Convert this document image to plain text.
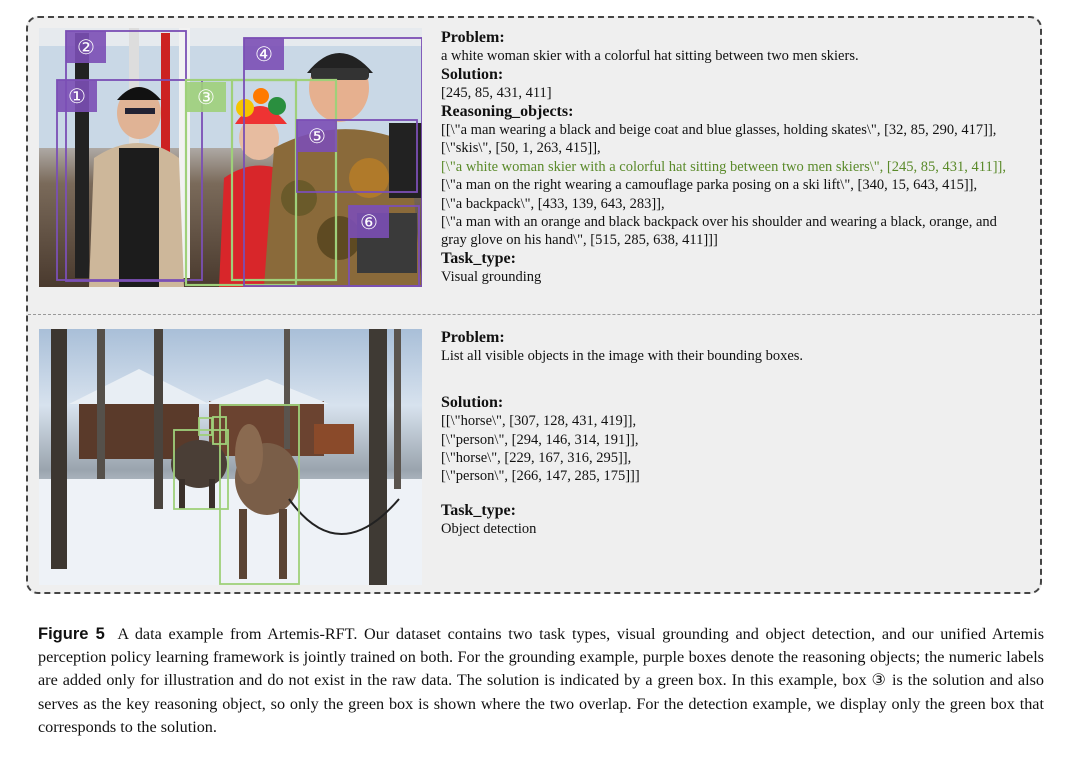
②
①	③
④
⑤
⑥
Problem:
a white woman skier with a colorful hat sitting between two men skiers.
Solution:
[245, 85, 431, 411]
Reasoning_objects:
[[\"a man wearing a black and beige coat and blue glasses, holding skates\", [32, 85, 290, 417]],
[\"skis\", [50, 1, 263, 415]],
[\"a white woman skier with a colorful hat sitting between two men skiers\", [245, 85, 431, 411]],
[\"a man on the right wearing a camouflage parka posing on a ski lift\", [340, 15, 643, 415]],
[\"a backpack\", [433, 139, 643, 283]],
[\"a man with an orange and black backpack over his shoulder and wearing a black, orange, and
gray glove on his hand\", [515, 285, 638, 411]]]
Task_type:
Visual grounding
Problem:
List all visible objects in the image with their bounding boxes.
Solution:
[[\"horse\", [307, 128, 431, 419]],
[\"person\", [294, 146, 314, 191]],
[\"horse\", [229, 167, 316, 295]],
[\"person\", [266, 147, 285, 175]]]
Task_type:
Object detection
Figure 5 A data example from Artemis-RFT. Our dataset contains two task types, visual grounding and object detection, and our unified Artemis perception policy learning framework is jointly trained on both. For the grounding example, purple boxes denote the reasoning objects; the numeric labels are added only for illustration and do not exist in the raw data. The solution is indicated by a green box. In this example, box ③ is the solution and also serves as the key reasoning object, so only the green box is shown where the two overlap. For the detection example, we display only the green box that corresponds to the solution.
